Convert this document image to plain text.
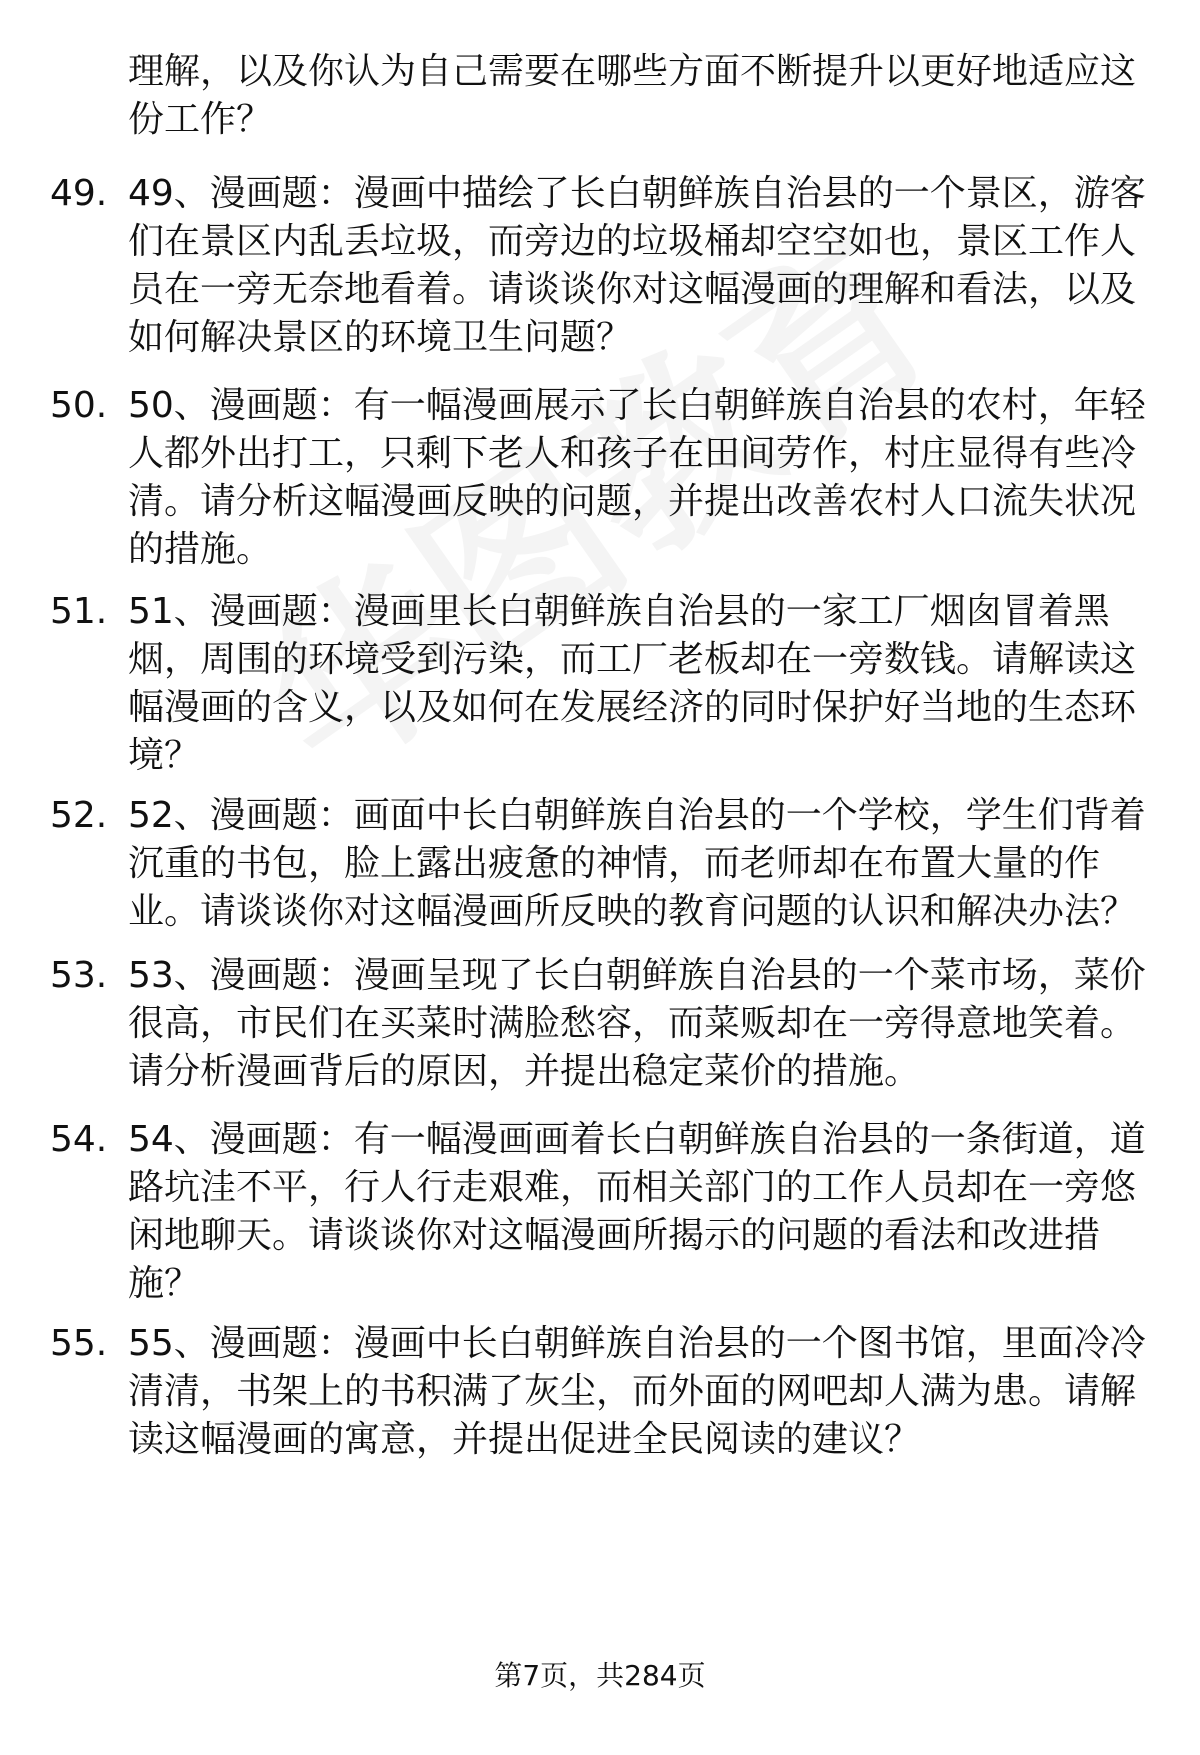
理解，以及你认为自己需要在哪些方面不断提升以更好地适应这份工作？
49. 49、漫画题：漫画中描绘了长白朝鲜族自治县的一个景区，游客们在景区内乱丢垃圾，而旁边的垃圾桶却空空如也，景区工作人员在一旁无奈地看着。请谈谈你对这幅漫画的理解和看法，以及如何解决景区的环境卫生问题？
50. 50、漫画题：有一幅漫画展示了长白朝鲜族自治县的农村，年轻人都外出打工，只剩下老人和孩子在田间劳作，村庄显得有些冷清。请分析这幅漫画反映的问题，并提出改善农村人口流失状况的措施。
51. 51、漫画题：漫画里长白朝鲜族自治县的一家工厂烟囱冒着黑烟，周围的环境受到污染，而工厂老板却在一旁数钱。请解读这幅漫画的含义，以及如何在发展经济的同时保护好当地的生态环境？
52. 52、漫画题：画面中长白朝鲜族自治县的一个学校，学生们背着沉重的书包，脸上露出疲惫的神情，而老师却在布置大量的作业。请谈谈你对这幅漫画所反映的教育问题的认识和解决办法？
53. 53、漫画题：漫画呈现了长白朝鲜族自治县的一个菜市场，菜价很高，市民们在买菜时满脸愁容，而菜贩却在一旁得意地笑着。请分析漫画背后的原因，并提出稳定菜价的措施。
54. 54、漫画题：有一幅漫画画着长白朝鲜族自治县的一条街道，道路坑洼不平，行人行走艰难，而相关部门的工作人员却在一旁悠闲地聊天。请谈谈你对这幅漫画所揭示的问题的看法和改进措施？
55. 55、漫画题：漫画中长白朝鲜族自治县的一个图书馆，里面冷冷清清，书架上的书积满了灰尘，而外面的网吧却人满为患。请解读这幅漫画的寓意，并提出促进全民阅读的建议？
第7页，共284页
